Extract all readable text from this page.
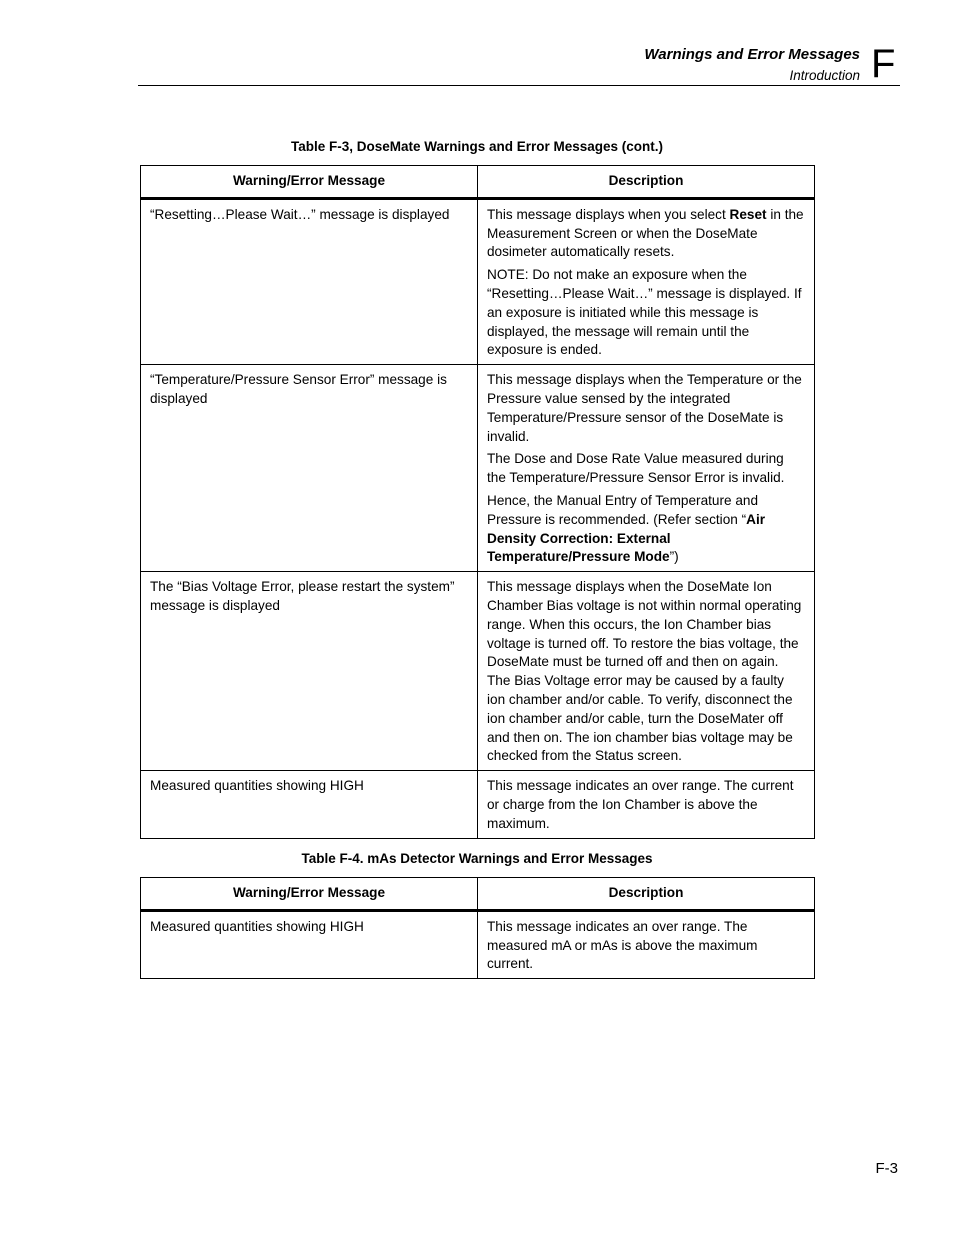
Warnings and Error Messages
Introduction F
Table F-3, DoseMate Warnings and Error Messages (cont.)
Warning/Error Message	Description
“Resetting…Please Wait…” message is displayed	This message displays when you select Reset in the Measurement Screen or when the DoseMate dosimeter automatically resets.

NOTE: Do not make an exposure when the “Resetting…Please Wait…” message is displayed. If an exposure is initiated while this message is displayed, the message will remain until the exposure is ended.

“Temperature/Pressure Sensor Error” message is displayed	This message displays when the Temperature or the Pressure value sensed by the integrated Temperature/Pressure sensor of the DoseMate is invalid.

The Dose and Dose Rate Value measured during the Temperature/Pressure Sensor Error is invalid.

Hence, the Manual Entry of Temperature and Pressure is recommended. (Refer section “Air Density Correction: External Temperature/Pressure Mode”)

The “Bias Voltage Error, please restart the system” message is displayed	This message displays when the DoseMate Ion Chamber Bias voltage is not within normal operating range. When this occurs, the Ion Chamber bias voltage is turned off. To restore the bias voltage, the DoseMate must be turned off and then on again. The Bias Voltage error may be caused by a faulty ion chamber and/or cable. To verify, disconnect the ion chamber and/or cable, turn the DoseMater off and then on. The ion chamber bias voltage may be checked from the Status screen.
Measured quantities showing HIGH	This message indicates an over range. The current or charge from the Ion Chamber is above the maximum.
Table F-4. mAs Detector Warnings and Error Messages
Warning/Error Message	Description
Measured quantities showing HIGH	This message indicates an over range. The measured mA or mAs is above the maximum current.
F-3
